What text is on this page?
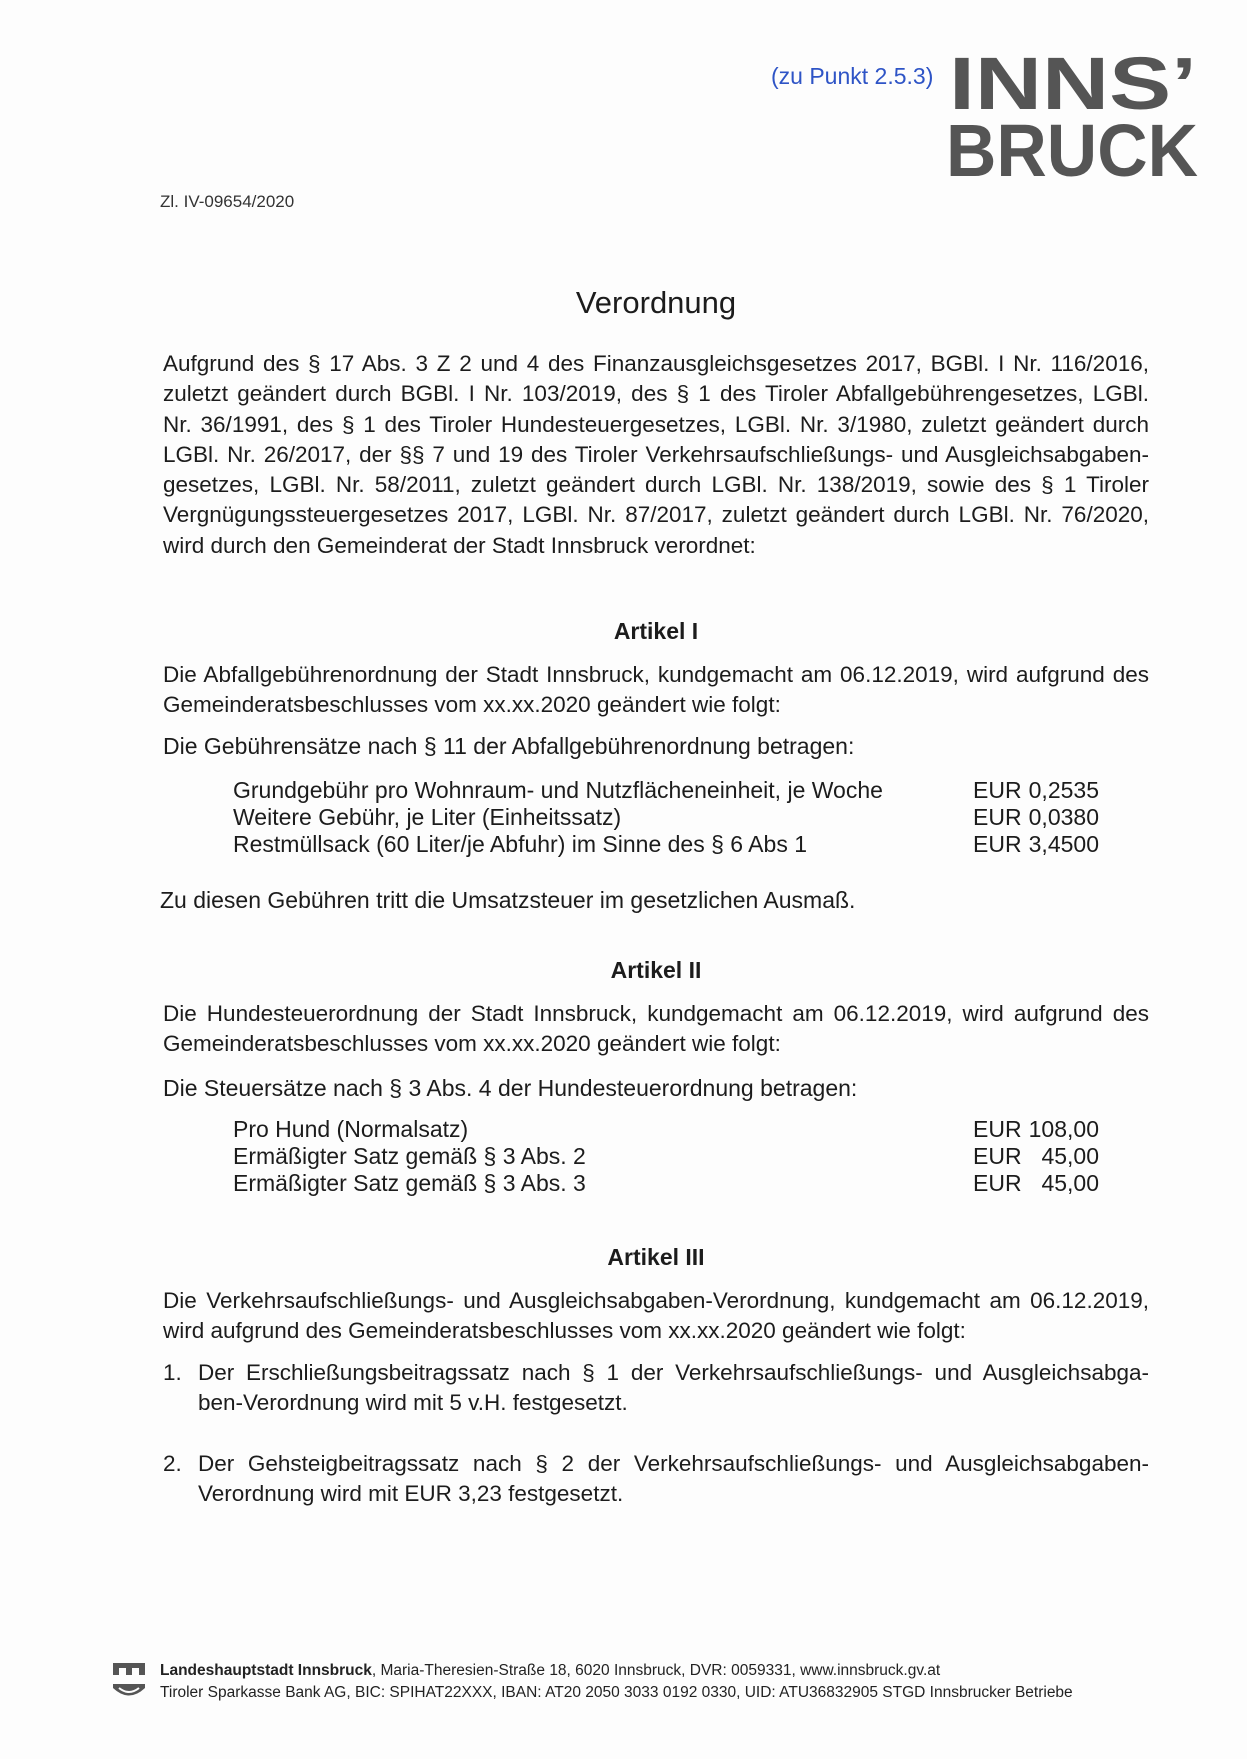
(zu Punkt 2.5.3) INNS’
BRUCK
Zl. IV-09654/2020
Verordnung
Aufgrund des § 17 Abs. 3 Z 2 und 4 des Finanzausgleichsgesetzes 2017, BGBl. I Nr. 116/2016,
zuletzt geändert durch BGBl. I Nr. 103/2019, des § 1 des Tiroler Abfallgebührengesetzes, LGBl.
Nr. 36/1991, des § 1 des Tiroler Hundesteuergesetzes, LGBl. Nr. 3/1980, zuletzt geändert durch
LGBl. Nr. 26/2017, der §§ 7 und 19 des Tiroler Verkehrsaufschließungs- und Ausgleichsabgaben-
gesetzes, LGBl. Nr. 58/2011, zuletzt geändert durch LGBl. Nr. 138/2019, sowie des § 1 Tiroler
Vergnügungssteuergesetzes 2017, LGBl. Nr. 87/2017, zuletzt geändert durch LGBl. Nr. 76/2020,
wird durch den Gemeinderat der Stadt Innsbruck verordnet:
Artikel I
Die Abfallgebührenordnung der Stadt Innsbruck, kundgemacht am 06.12.2019, wird aufgrund des
Gemeinderatsbeschlusses vom xx.xx.2020 geändert wie folgt:
Die Gebührensätze nach § 11 der Abfallgebührenordnung betragen:
Grundgebühr pro Wohnraum- und Nutzflächeneinheit, je Woche	EUR 0,2535
Weitere Gebühr, je Liter (Einheitssatz)	EUR 0,0380
Restmüllsack (60 Liter/je Abfuhr) im Sinne des § 6 Abs 1	EUR 3,4500
Zu diesen Gebühren tritt die Umsatzsteuer im gesetzlichen Ausmaß.
Artikel II
Die Hundesteuerordnung der Stadt Innsbruck, kundgemacht am 06.12.2019, wird aufgrund des
Gemeinderatsbeschlusses vom xx.xx.2020 geändert wie folgt:
Die Steuersätze nach § 3 Abs. 4 der Hundesteuerordnung betragen:
Pro Hund (Normalsatz)	EUR 108,00
Ermäßigter Satz gemäß § 3 Abs. 2	EUR 45,00
Ermäßigter Satz gemäß § 3 Abs. 3	EUR 45,00
Artikel III
Die Verkehrsaufschließungs- und Ausgleichsabgaben-Verordnung, kundgemacht am 06.12.2019,
wird aufgrund des Gemeinderatsbeschlusses vom xx.xx.2020 geändert wie folgt:
1. Der Erschließungsbeitragssatz nach § 1 der Verkehrsaufschließungs- und Ausgleichsabga-
ben-Verordnung wird mit 5 v.H. festgesetzt.
2. Der Gehsteigbeitragssatz nach § 2 der Verkehrsaufschließungs- und Ausgleichsabgaben-
Verordnung wird mit EUR 3,23 festgesetzt.
Landeshauptstadt Innsbruck, Maria-Theresien-Straße 18, 6020 Innsbruck, DVR: 0059331, www.innsbruck.gv.at
Tiroler Sparkasse Bank AG, BIC: SPIHAT22XXX, IBAN: AT20 2050 3033 0192 0330, UID: ATU36832905 STGD Innsbrucker Betriebe
